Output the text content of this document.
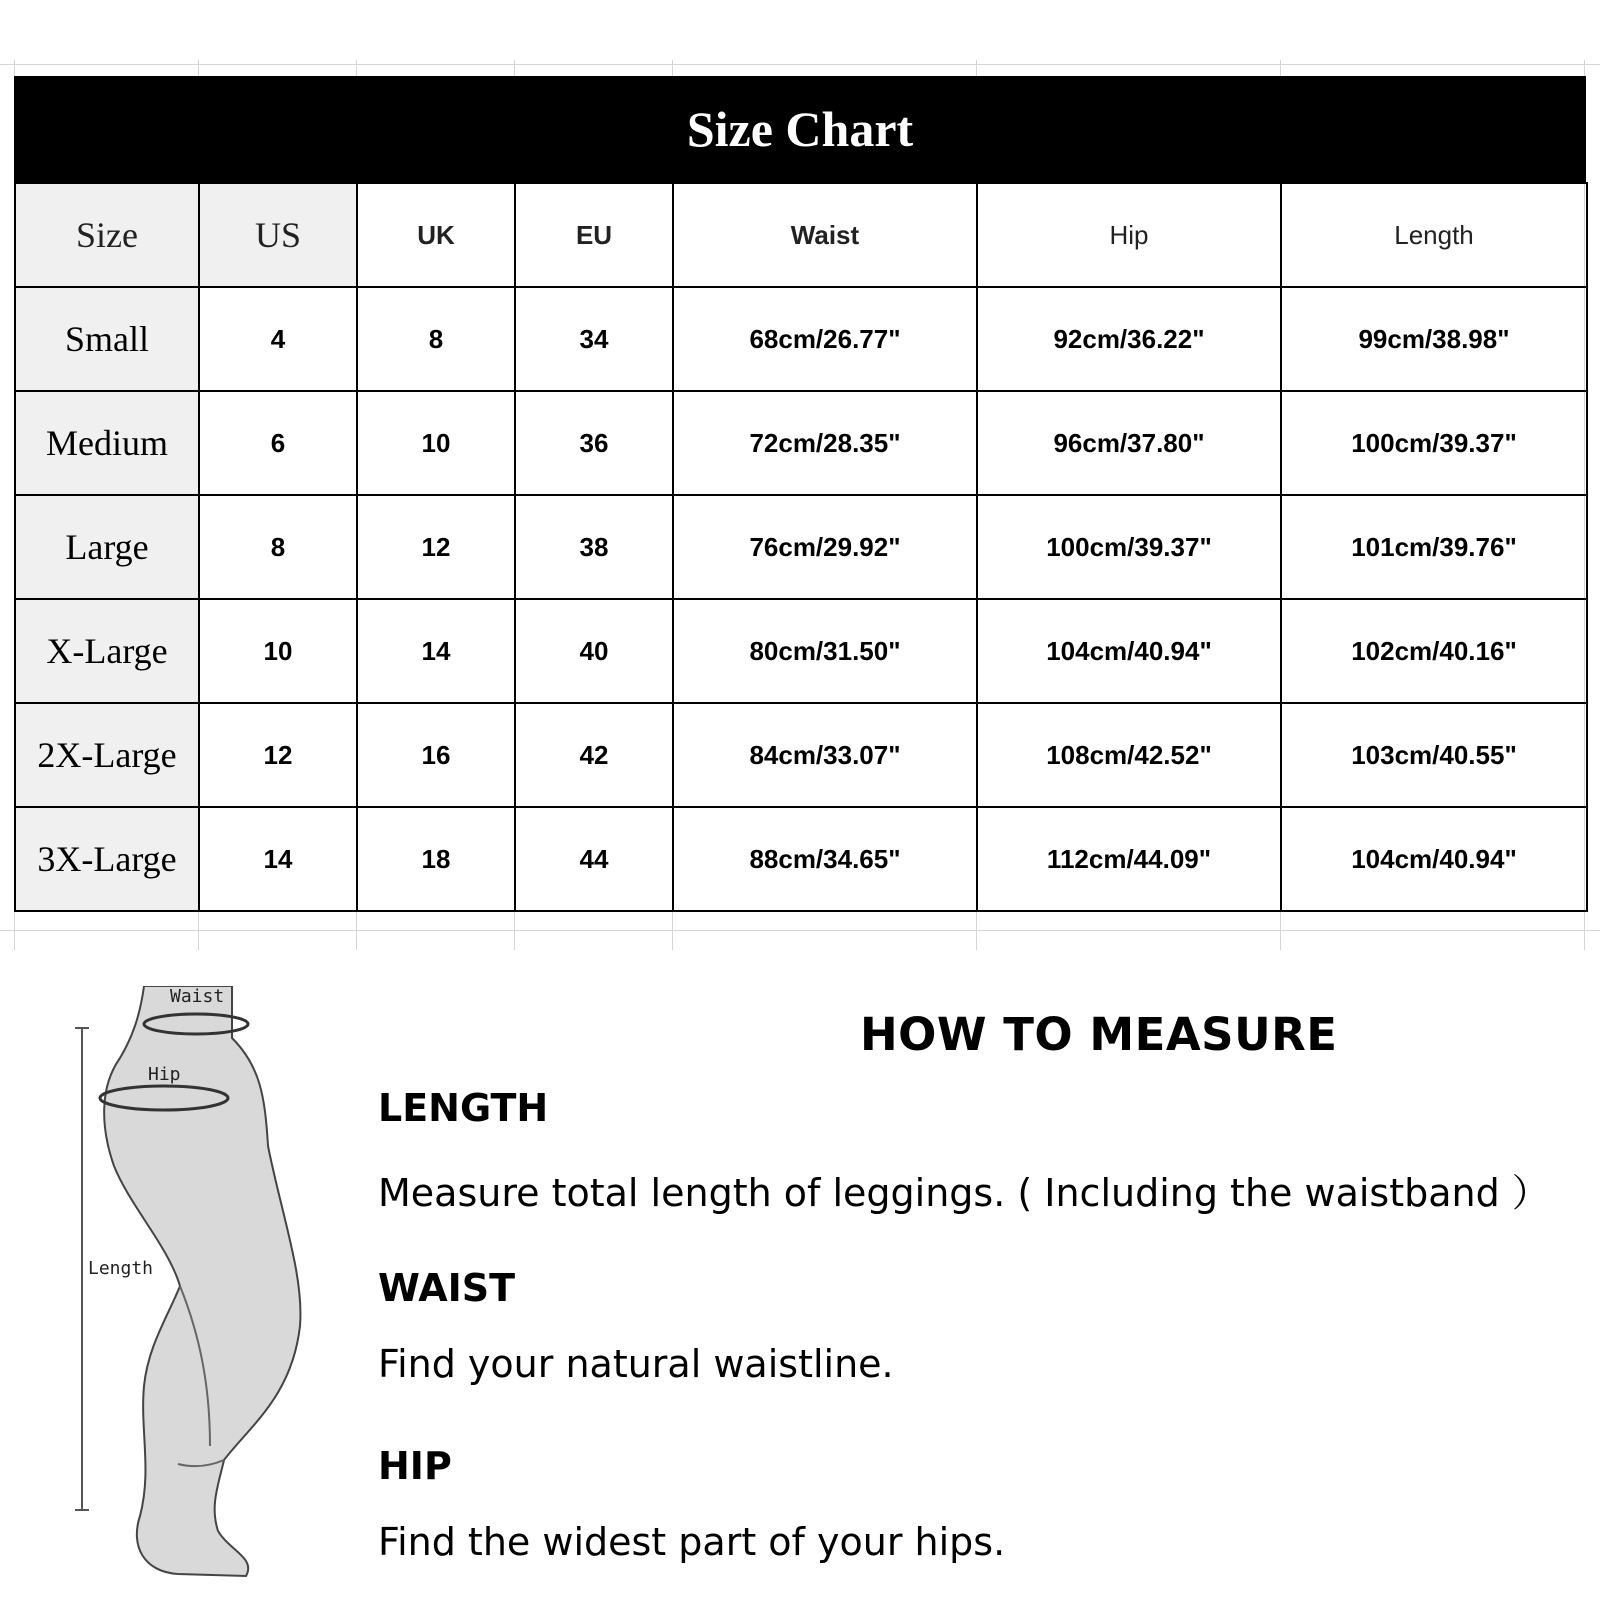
Size Chart
Size	US	UK	EU	Waist	Hip	Length
Small	4	8	34	68cm/26.77"	92cm/36.22"	99cm/38.98"
Medium	6	10	36	72cm/28.35"	96cm/37.80"	100cm/39.37"
Large	8	12	38	76cm/29.92"	100cm/39.37"	101cm/39.76"
X-Large	10	14	40	80cm/31.50"	104cm/40.94"	102cm/40.16"
2X-Large	12	16	42	84cm/33.07"	108cm/42.52"	103cm/40.55"
3X-Large	14	18	44	88cm/34.65"	112cm/44.09"	104cm/40.94"
Waist
Hip
Length
HOW TO MEASURE
LENGTH
Measure total length of leggings. ( Including the waistband ）
WAIST
Find your natural waistline.
HIP
Find the widest part of your hips.
